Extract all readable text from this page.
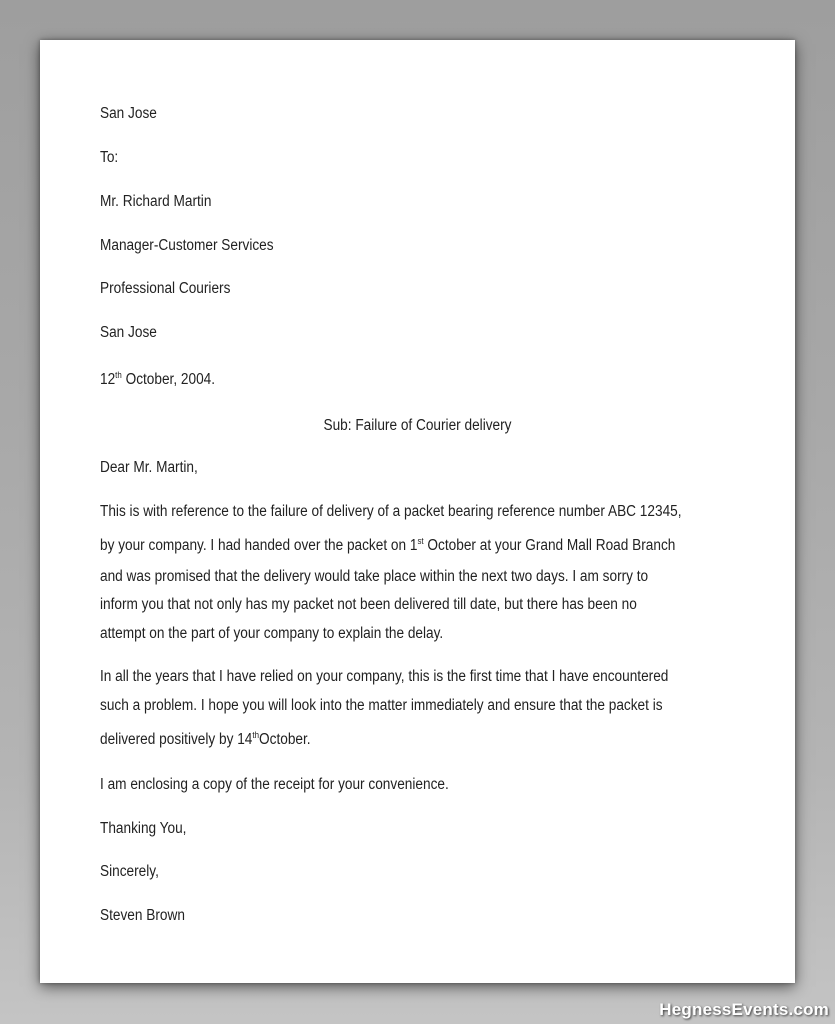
San Jose

To:

Mr. Richard Martin

Manager-Customer Services

Professional Couriers

San Jose

12th October, 2004.

Sub: Failure of Courier delivery

Dear Mr. Martin,

This is with reference to the failure of delivery of a packet bearing reference number ABC 12345,

by your company. I had handed over the packet on 1st October at your Grand Mall Road Branch

and was promised that the delivery would take place within the next two days. I am sorry to

inform you that not only has my packet not been delivered till date, but there has been no

attempt on the part of your company to explain the delay.

In all the years that I have relied on your company, this is the first time that I have encountered

such a problem. I hope you will look into the matter immediately and ensure that the packet is

delivered positively by 14thOctober.

I am enclosing a copy of the receipt for your convenience.

Thanking You,

Sincerely,

Steven Brown

HegnessEvents.com
